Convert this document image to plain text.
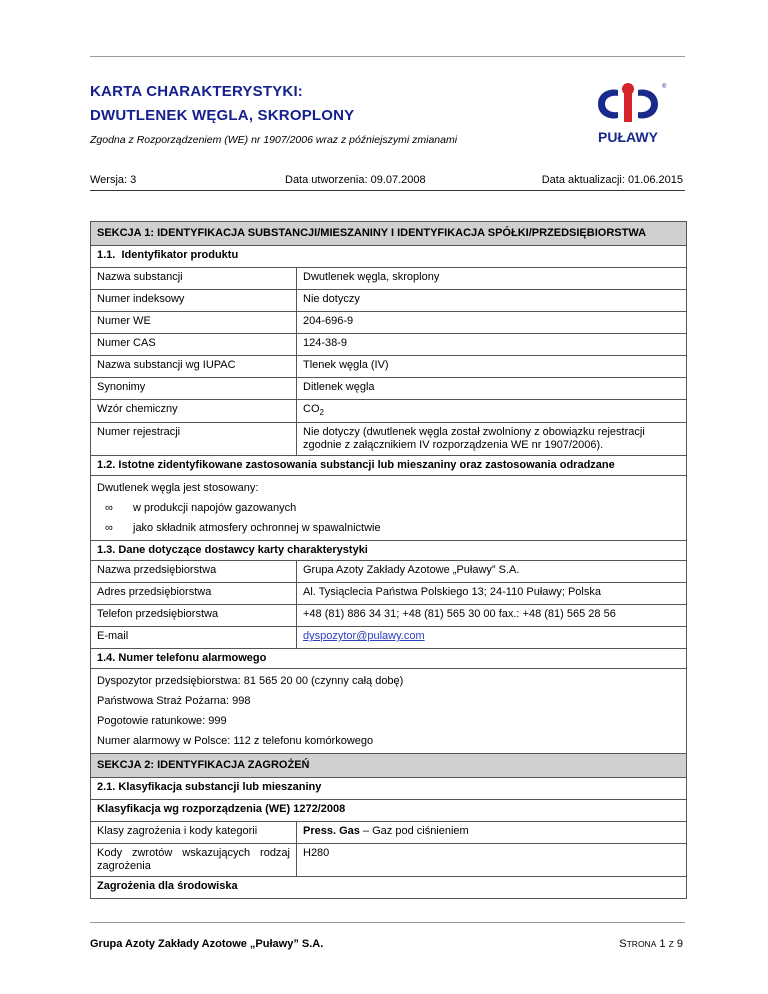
KARTA CHARAKTERYSTYKI:
DWUTLENEK WĘGLA, SKROPLONY
Zgodna z Rozporządzeniem (WE) nr 1907/2006 wraz z późniejszymi zmianami
®
PUŁAWY
Wersja: 3	Data utworzenia: 09.07.2008	Data aktualizacji: 01.06.2015
SEKCJA 1: IDENTYFIKACJA SUBSTANCJI/MIESZANINY I IDENTYFIKACJA SPÓŁKI/PRZEDSIĘBIORSTWA	
1.1.  Identyfikator produktu	
Nazwa substancji	Dwutlenek węgla, skroplony
Numer indeksowy	Nie dotyczy
Numer WE	204-696-9
Numer CAS	124-38-9
Nazwa substancji wg IUPAC	Tlenek węgla (IV)
Synonimy	Ditlenek węgla
Wzór chemiczny	$CO_2$
Numer rejestracji	Nie dotyczy (dwutlenek węgla został zwolniony z obowiązku rejestracji zgodnie z załącznikiem IV rozporządzenia WE nr 1907/2006).
1.2. Istotne zidentyfikowane zastosowania substancji lub mieszaniny oraz zastosowania odradzane	

Dwutlenek węgla jest stosowany:
∞ w produkcji napojów gazowanych
∞ jako składnik atmosfery ochronnej w spawalnictwie	

1.3. Dane dotyczące dostawcy karty charakterystyki	
Nazwa przedsiębiorstwa	Grupa Azoty Zakłady Azotowe „Puławy” S.A.
Adres przedsiębiorstwa	Al. Tysiąclecia Państwa Polskiego 13; 24-110 Puławy; Polska
Telefon przedsiębiorstwa	+48 (81) 886 34 31; +48 (81) 565 30 00 fax.: +48 (81) 565 28 56
E-mail	dyspozytor@pulawy.com
1.4. Numer telefonu alarmowego	

Dyspozytor przedsiębiorstwa: 81 565 20 00 (czynny całą dobę)
Państwowa Straż Pożarna: 998
Pogotowie ratunkowe: 999
Numer alarmowy w Polsce: 112 z telefonu komórkowego	

SEKCJA 2: IDENTYFIKACJA ZAGROŻEŃ	
2.1. Klasyfikacja substancji lub mieszaniny	
Klasyfikacja wg rozporządzenia (WE) 1272/2008	
Klasy zagrożenia i kody kategorii	Press. Gas – Gaz pod ciśnieniem
Kody zwrotów wskazujących rodzaj zagrożenia	H280
Zagrożenia dla środowiska	
Grupa Azoty Zakłady Azotowe „Puławy” S.A.	STRONA 1 Z 9
